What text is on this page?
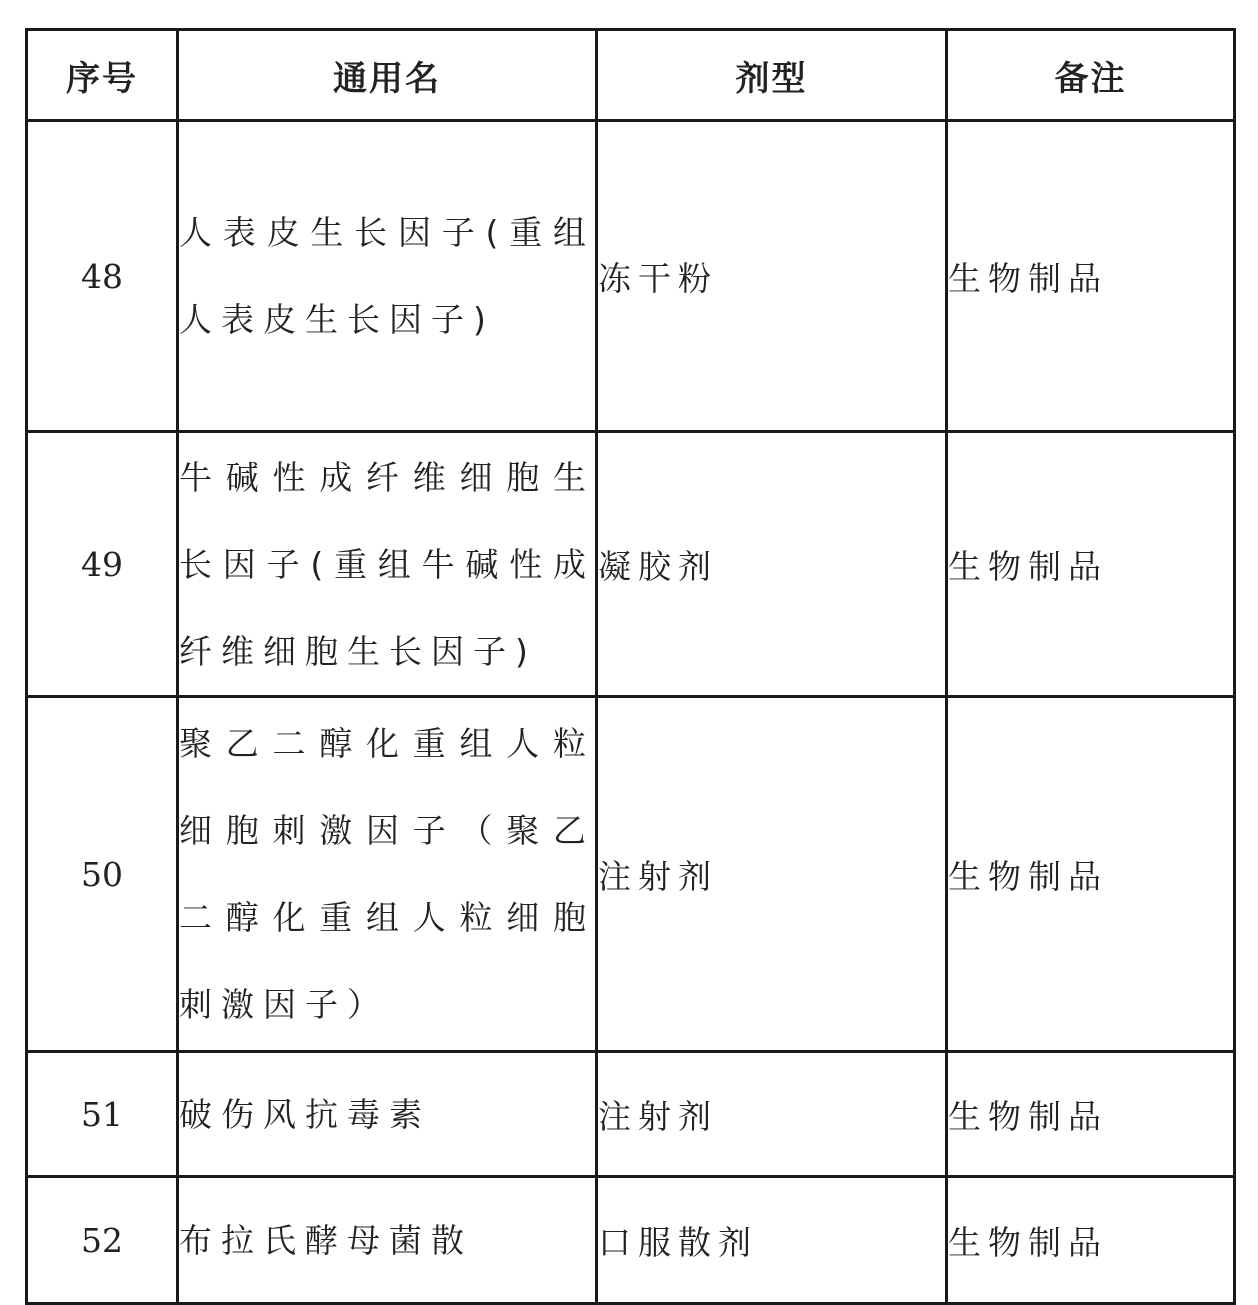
序号	通用名	剂型	备注
48	人表皮生长因子(重组人表皮生长因子)	冻干粉	生物制品
49	牛碱性成纤维细胞生长因子(重组牛碱性成纤维细胞生长因子)	凝胶剂	生物制品
50	聚乙二醇化重组人粒细胞刺激因子（聚乙二醇化重组人粒细胞刺激因子）	注射剂	生物制品
51	破伤风抗毒素	注射剂	生物制品
52	布拉氏酵母菌散	口服散剂	生物制品
